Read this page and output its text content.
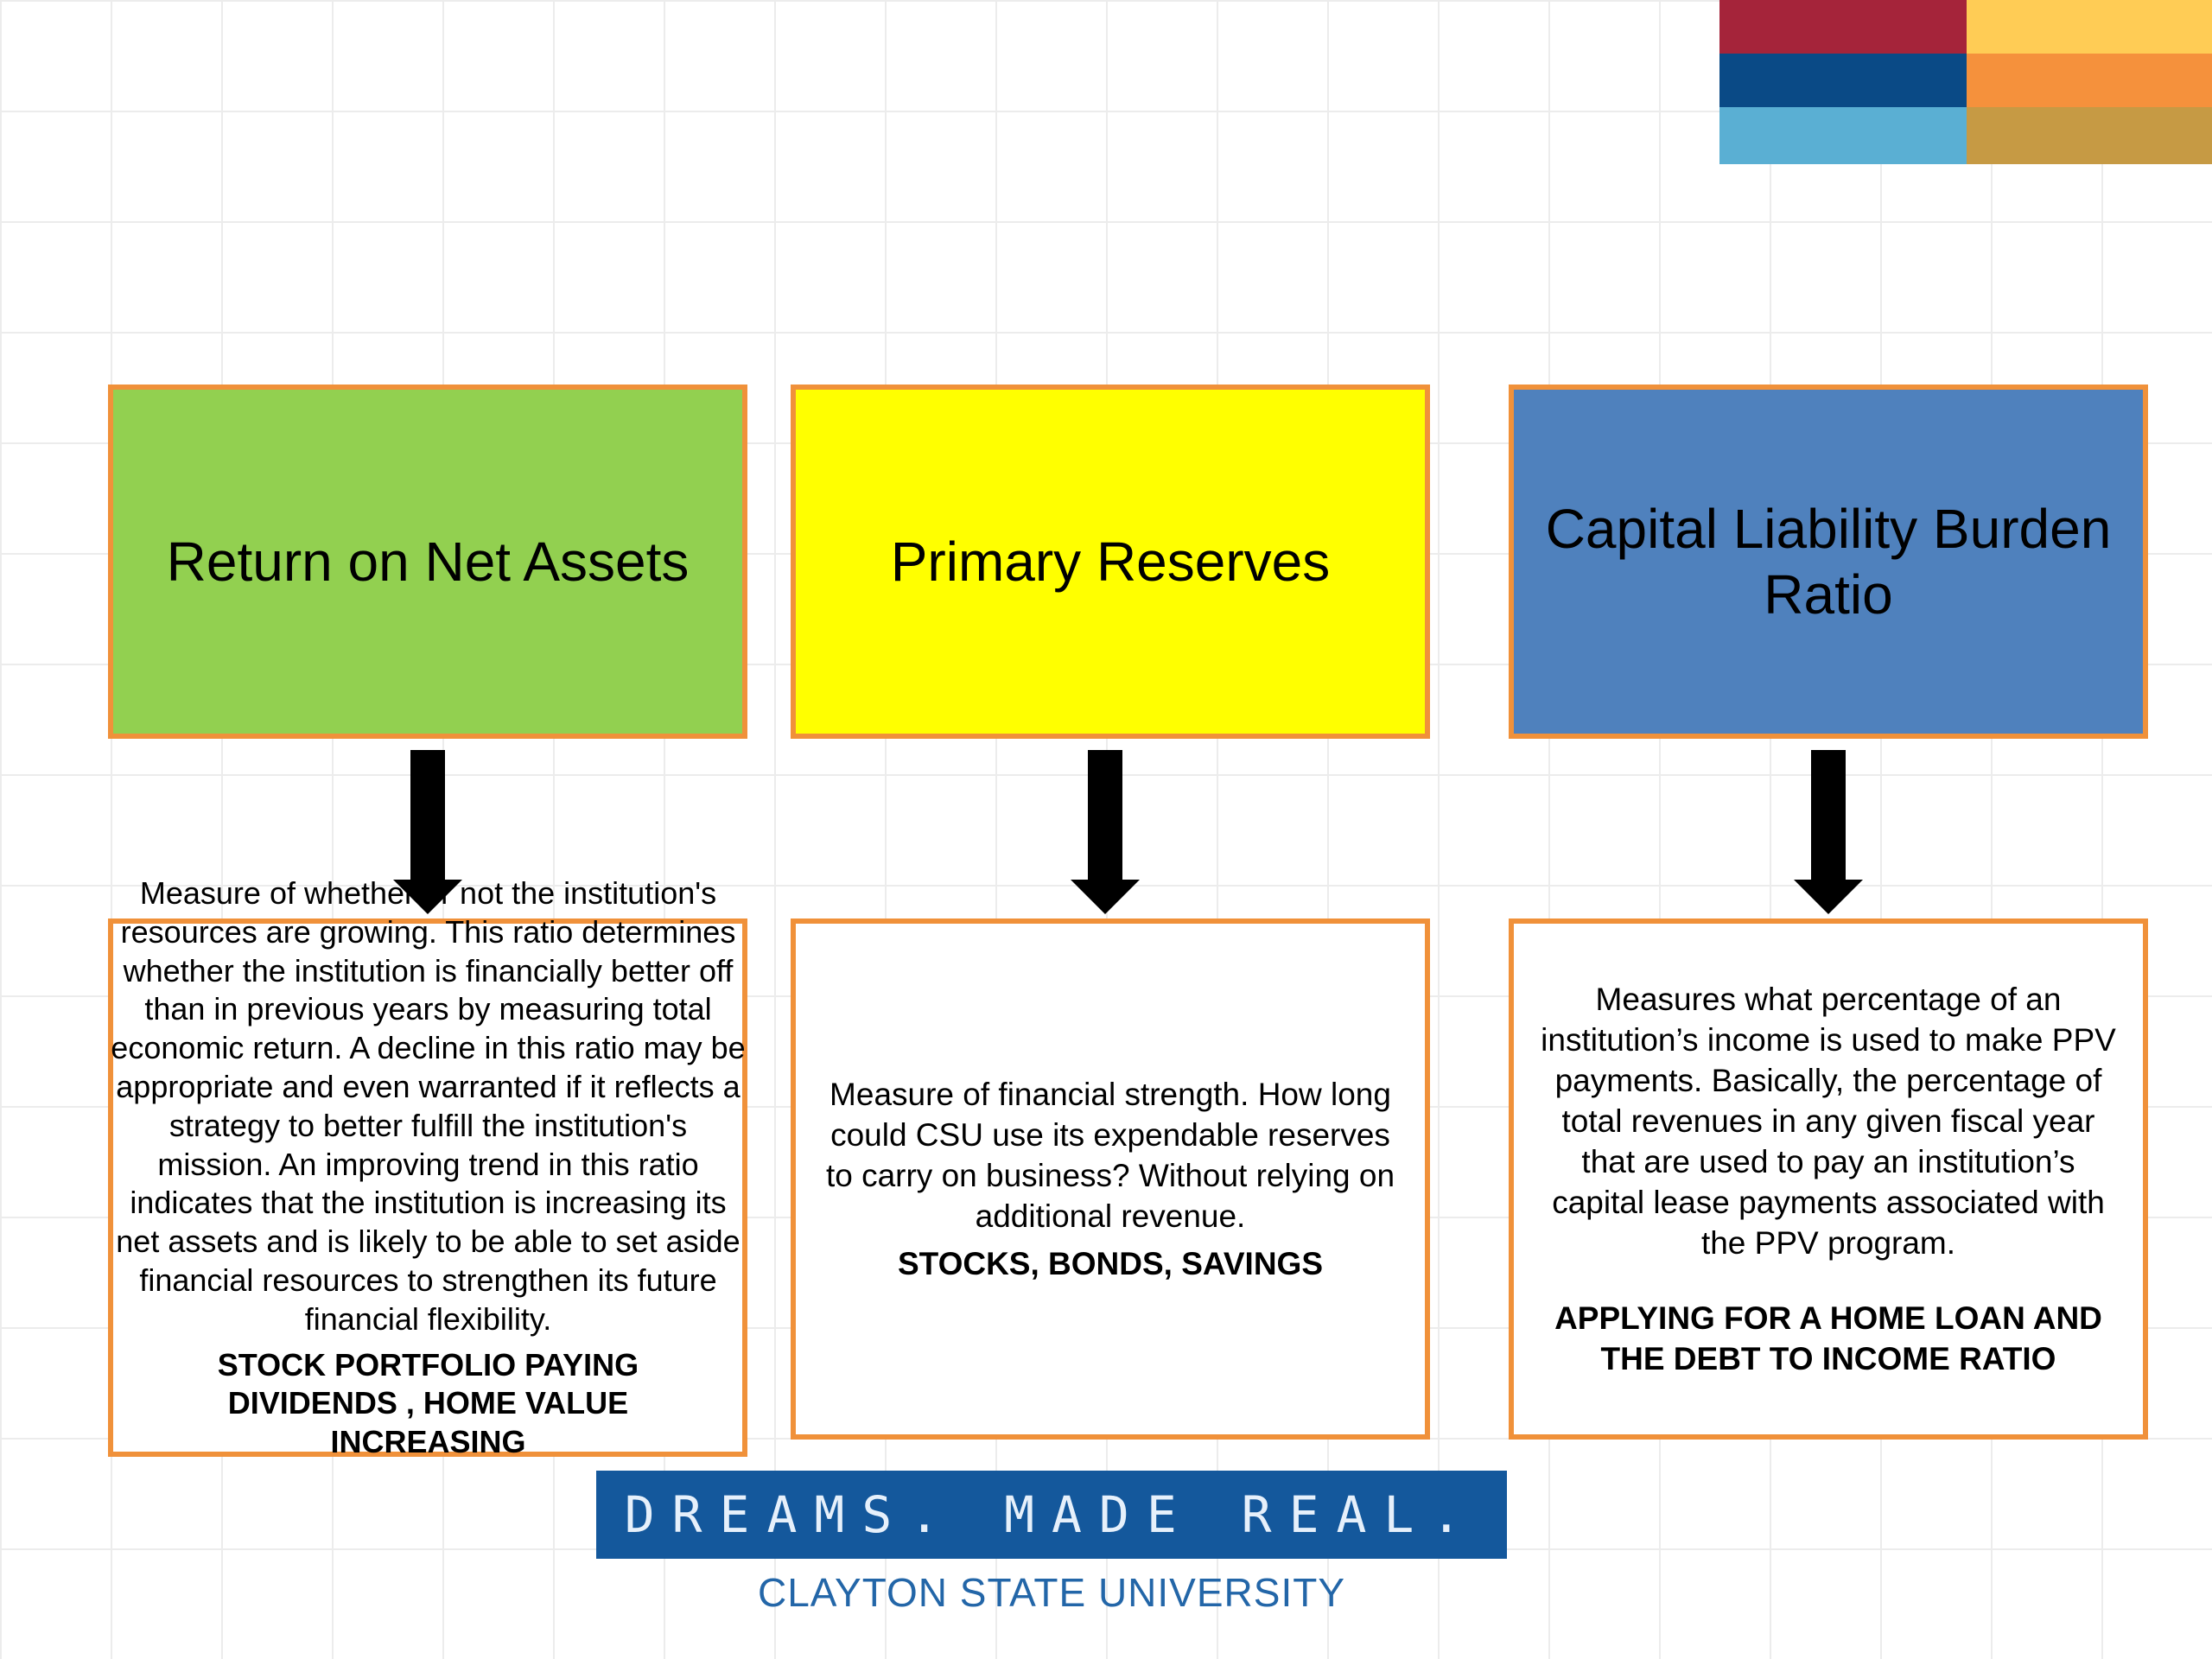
Return on Net Assets	Primary Reserves
Capital Liability Burden Ratio
Measure of financial strength. How long could CSU use its expendable reserves to carry on business? Without relying on additional revenue.
STOCKS, BONDS, SAVINGS
Measures what percentage of an institution’s income is used to make PPV payments. Basically, the percentage of total revenues in any given fiscal year that are used to pay an institution’s capital lease payments associated with the PPV program.
APPLYING FOR A HOME LOAN AND THE DEBT TO INCOME RATIO
Measure of whether or not the institution's resources are growing. This ratio determines whether the institution is financially better off than in previous years by measuring total economic return. A decline in this ratio may be appropriate and even warranted if it reflects a strategy to better fulfill the institution's mission. An improving trend in this ratio indicates that the institution is increasing its net assets and is likely to be able to set aside financial resources to strengthen its future financial flexibility.
STOCK PORTFOLIO PAYING DIVIDENDS , HOME VALUE INCREASING
DREAMS. MADE REAL.
CLAYTON STATE UNIVERSITY
